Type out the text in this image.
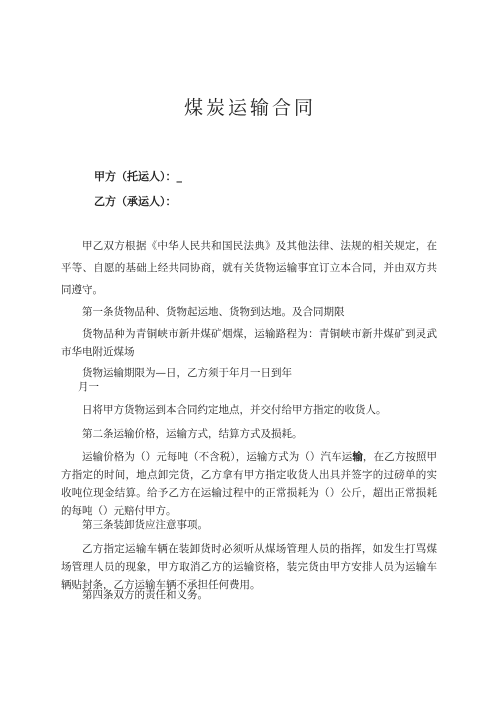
煤炭运输合同
甲方（托运人）：_
乙方（承运人）：

甲乙双方根据《中华人民共和国民法典》及其他法律、法规的相关规定，在平等、自愿的基础上经共同协商，就有关货物运输事宜订立本合同，并由双方共同遵守。

第一条货物品种、货物起运地、货物到达地。及合同期限

货物品种为青铜峡市新井煤矿烟煤，运输路程为：青铜峡市新井煤矿到灵武市华电附近煤场

货物运输期限为—日，乙方须于年月一日到年

月一

日将甲方货物运到本合同约定地点，并交付给甲方指定的收货人。

第二条运输价格，运输方式，结算方式及损耗。

运输价格为（）元每吨（不含税），运输方式为（）汽车运输，在乙方按照甲方指定的时间，地点卸完货，乙方拿有甲方指定收货人出具并签字的过磅单的实收吨位现金结算。给予乙方在运输过程中的正常损耗为（）公斤，超出正常损耗的每吨（）元赔付甲方。

第三条装卸货应注意事项。

乙方指定运输车辆在装卸货时必须听从煤场管理人员的指挥，如发生打骂煤场管理人员的现象，甲方取消乙方的运输资格，装完货由甲方安排人员为运输车辆贴封条，乙方运输车辆不承担任何费用。

第四条双方的责任和义务。
